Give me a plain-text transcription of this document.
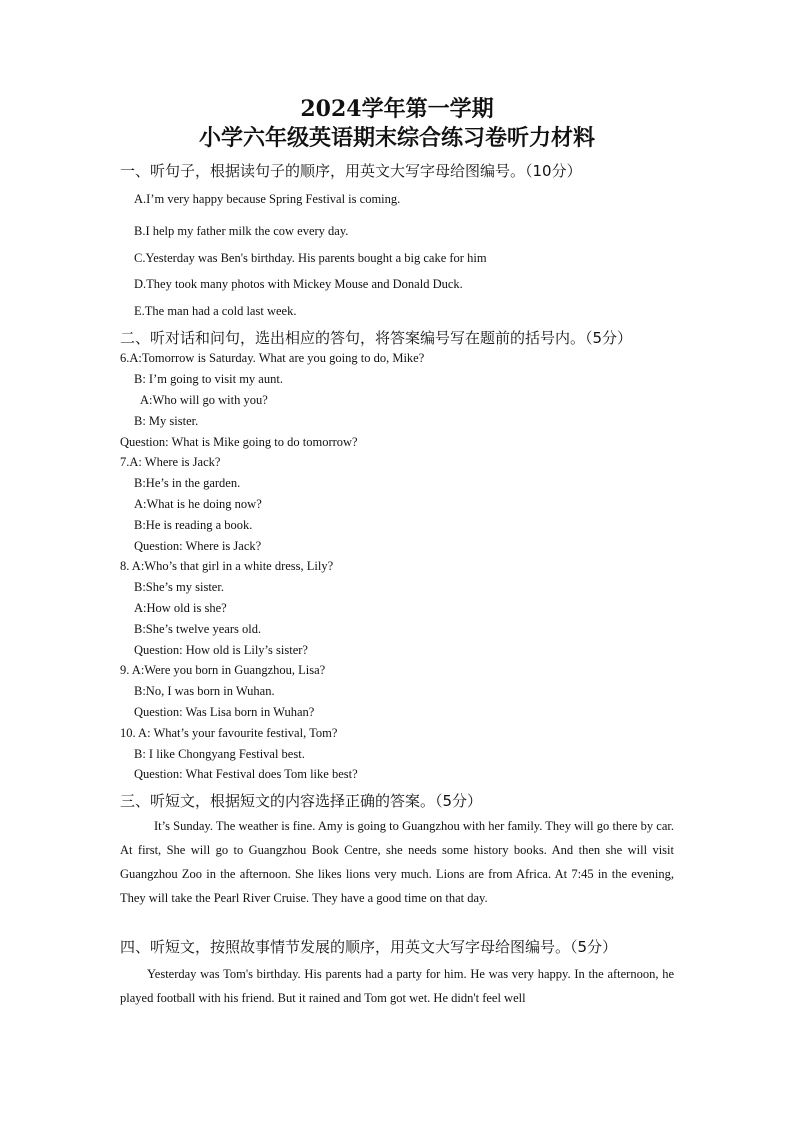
2024学年第一学期
小学六年级英语期末综合练习卷听力材料
一、听句子，根据读句子的顺序，用英文大写字母给图编号。（10分）
A.I’m very happy because Spring Festival is coming.
B.I help my father milk the cow every day.
C.Yesterday was Ben's birthday. His parents bought a big cake for him
D.They took many photos with Mickey Mouse and Donald Duck.
E.The man had a cold last week.
二、听对话和问句，选出相应的答句，将答案编号写在题前的括号内。（5分）
6.A:Tomorrow is Saturday. What are you going to do, Mike?
B: I’m going to visit my aunt.
A:Who will go with you?
B: My sister.
Question: What is Mike going to do tomorrow?
7.A: Where is Jack?
B:He’s in the garden.
A:What is he doing now?
B:He is reading a book.
Question: Where is Jack?
8. A:Who’s that girl in a white dress, Lily?
B:She’s my sister.
A:How old is she?
B:She’s twelve years old.
Question: How old is Lily’s sister?
9. A:Were you born in Guangzhou, Lisa?
B:No, I was born in Wuhan.
Question: Was Lisa born in Wuhan?
10. A: What’s your favourite festival, Tom?
B: I like Chongyang Festival best.
Question: What Festival does Tom like best?
三、听短文，根据短文的内容选择正确的答案。（5分）
It’s Sunday. The weather is fine. Amy is going to Guangzhou with her family. They will go there by car. At first, She will go to Guangzhou Book Centre, she needs some history books. And then she will visit Guangzhou Zoo in the afternoon. She likes lions very much. Lions are from Africa. At 7:45 in the evening, They will take the Pearl River Cruise. They have a good time on that day.
四、听短文，按照故事情节发展的顺序，用英文大写字母给图编号。（5分）
Yesterday was Tom's birthday. His parents had a party for him. He was very happy. In the afternoon, he played football with his friend. But it rained and Tom got wet. He didn't feel well
